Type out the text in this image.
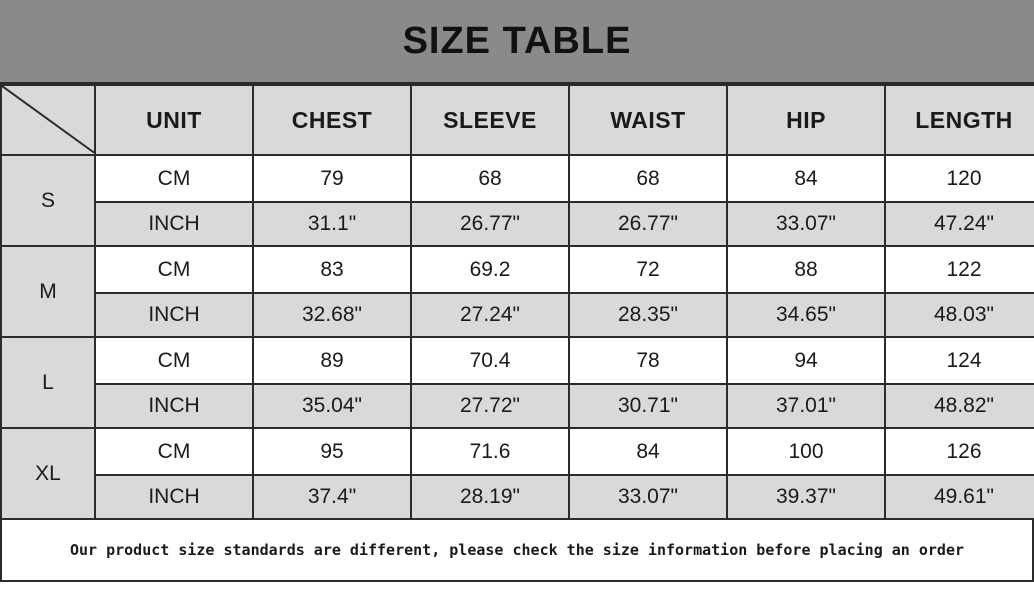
SIZE TABLE
	UNIT	CHEST	SLEEVE	WAIST	HIP	LENGTH
S	CM	79	68	68	84	120
	INCH	31.1"	26.77"	26.77"	33.07"	47.24"
M	CM	83	69.2	72	88	122
	INCH	32.68"	27.24"	28.35"	34.65"	48.03"
L	CM	89	70.4	78	94	124
	INCH	35.04"	27.72"	30.71"	37.01"	48.82"
XL	CM	95	71.6	84	100	126
	INCH	37.4"	28.19"	33.07"	39.37"	49.61"
Our product size standards are different, please check the size information before placing an order
